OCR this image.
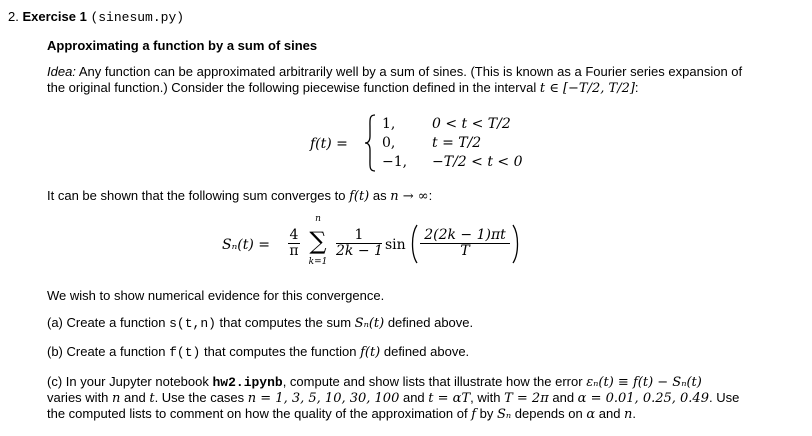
2. Exercise 1 (sinesum.py)
Approximating a function by a sum of sines
Idea: Any function can be approximated arbitrarily well by a sum of sines. (This is known as a Fourier series expansion of
the original function.) Consider the following piecewise function defined in the interval t ∈ [−T/2, T/2]:
f(t) =
1,	0 < t < T/2
0,	t = T/2
−1, −T/2 < t < 0
It can be shown that the following sum converges to f(t) as n → ∞:
$S_n(t) = \frac{4}{\pi}$
n
∑
k=1
$\frac{1}{2k - 1}$ $\sin \frac{2(2k - 1)\pi t}{T}$
We wish to show numerical evidence for this convergence.
(a) Create a function s(t,n) that computes the sum Sₙ(t) defined above.
(b) Create a function f(t) that computes the function f(t) defined above.
(c) In your Jupyter notebook hw2.ipynb, compute and show lists that illustrate how the error εₙ(t) ≡ f(t) − Sₙ(t)
varies with n and t. Use the cases n = 1, 3, 5, 10, 30, 100 and t = αT, with T = 2π and α = 0.01, 0.25, 0.49. Use
the computed lists to comment on how the quality of the approximation of f by Sₙ depends on α and n.
